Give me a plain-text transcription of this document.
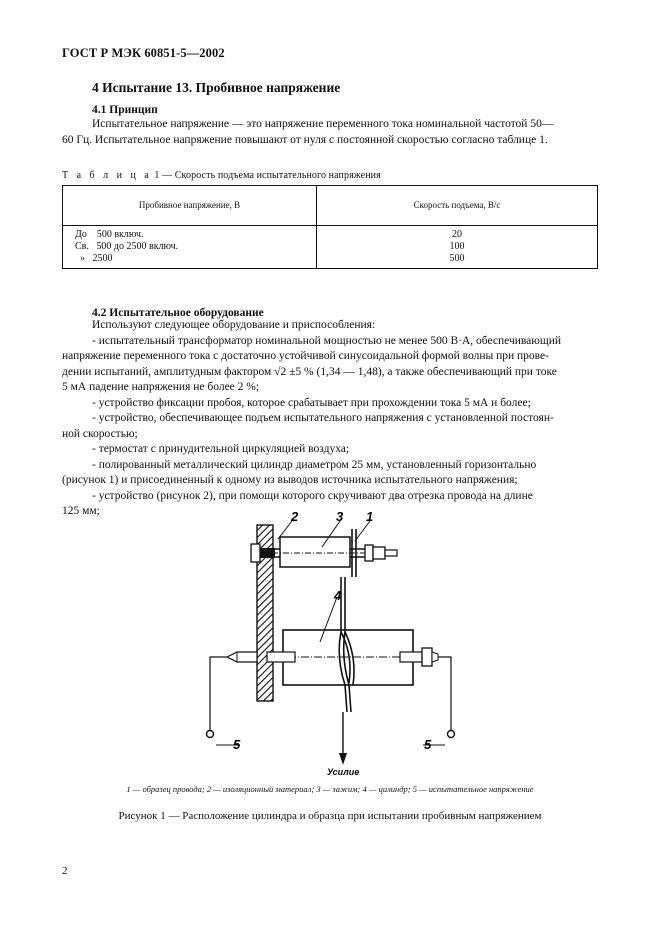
ГОСТ Р МЭК 60851-5—2002
4 Испытание 13. Пробивное напряжение
4.1 Принцип
Испытательное напряжение — это напряжение переменного тока номинальной частотой 50—
60 Гц. Испытательное напряжение повышают от нуля с постоянной скоростью согласно таблице 1.
Т а б л и ц а 1 — Скорость подъема испытательного напряжения
Пробивное напряжение, В	Скорость подъема, В/с
До    500 включ.	20
Св.   500 до 2500 включ.	100
»   2500	500
4.2 Испытательное оборудование
Используют следующее оборудование и приспособления:
- испытательный трансформатор номинальной мощностью не менее 500 В·А, обеспечивающий
напряжение переменного тока с достаточно устойчивой синусоидальной формой волны при прове-
дении испытаний, амплитудным фактором √2 ±5 % (1,34 — 1,48), а также обеспечивающий при токе
5 мА падение напряжения не более 2 %;
- устройство фиксации пробоя, которое срабатывает при прохождении тока 5 мА и более;
- устройство, обеспечивающее подъем испытательного напряжения с установленной постоян-
ной скоростью;
- термостат с принудительной циркуляцией воздуха;
- полированный металлический цилиндр диаметром 25 мм, установленный горизонтально
(рисунок 1) и присоединенный к одному из выводов источника испытательного напряжения;
- устройство (рисунок 2), при помощи которого скручивают два отрезка провода на длине
125 мм;	2	3 1
4
5	5
Усилие
1 — образец провода; 2 — изоляционный материал; 3 — зажим; 4 — цилиндр; 5 — испытательное напряжение
Рисунок 1 — Расположение цилиндра и образца при испытании пробивным напряжением
2
